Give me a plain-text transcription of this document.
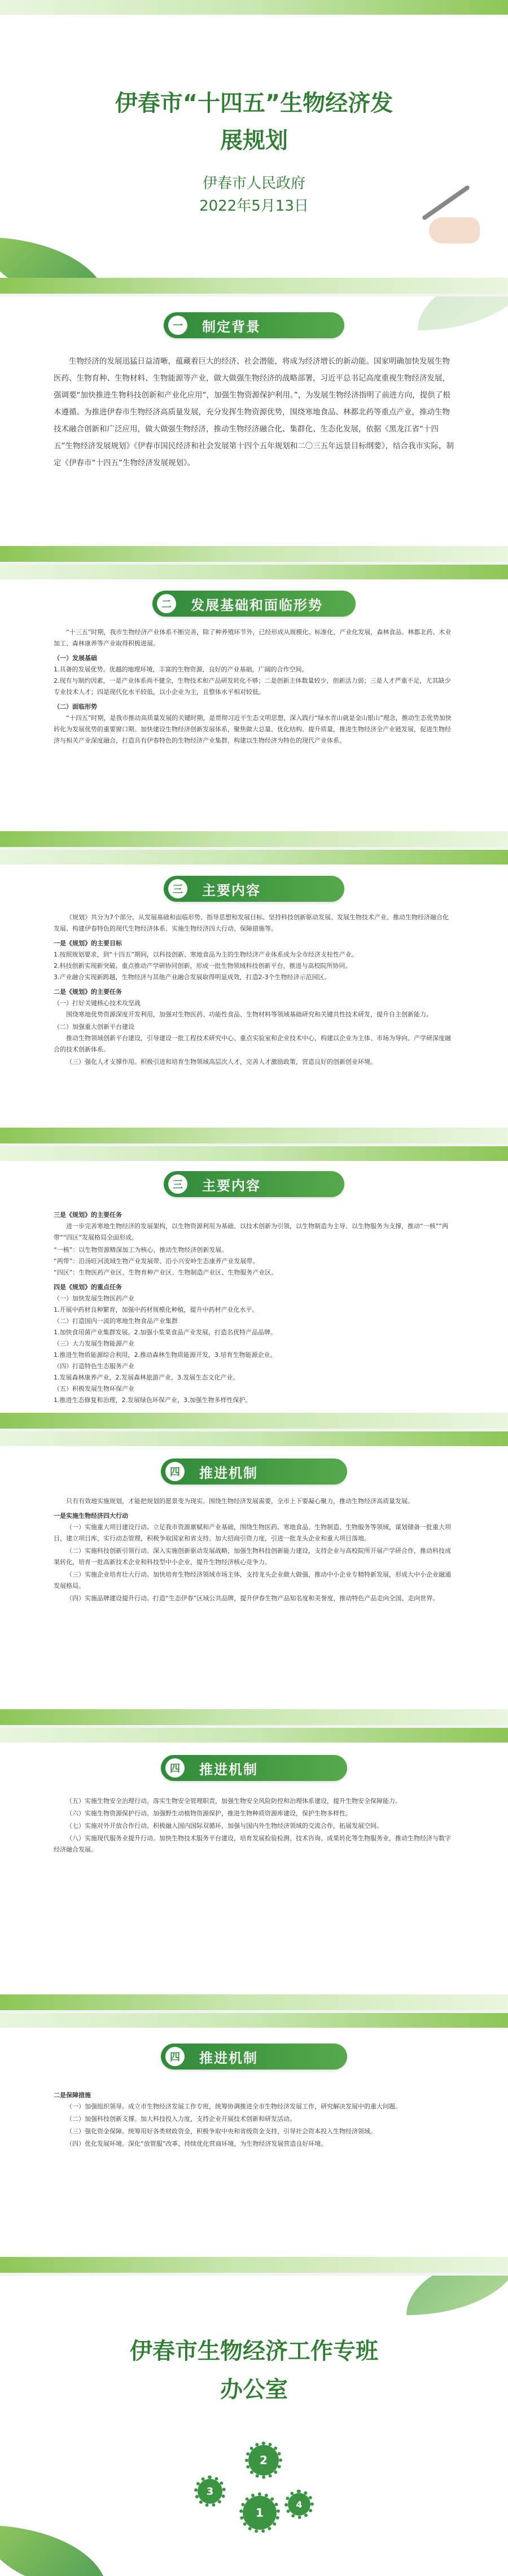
伊春市“十四五”生物经济发
展规划
伊春市人民政府
2022年5月13日
一	制定背景

生物经济的发展迅猛日益清晰，蕴藏着巨大的经济、社会潜能，将成为经济增长的新动能。国家明确加快发展生物医药、生物育种、生物材料、生物能源等产业，做大做强生物经济的战略部署，习近平总书记高度重视生物经济发展，强调要“加快推进生物科技创新和产业化应用”，加强生物资源保护利用。”，为发展生物经济指明了前进方向，提供了根本遵循。为推进伊春市生物经济高质量发展，充分发挥生物资源优势，围绕寒地食品、林都北药等重点产业，推动生物技术融合创新和广泛应用，做大做强生物经济，推动生物经济融合化、集群化、生态化发展，依据《黑龙江省“十四五”生物经济发展规划》《伊春市国民经济和社会发展第十四个五年规划和二〇三五年远景目标纲要》，结合我市实际，制定《伊春市“十四五”生物经济发展规划》。

二	发展基础和面临形势

“十三五”时期，我市生物经济产业体系不断完善，除了种养殖环节外，已经形成从规模化、标准化、产业化发展，森林食品、林都北药、木业加工、森林康养等产业取得积极进展。

（一）发展基础
1.具备的发展优势。优越的地理环境，丰富的生物资源，良好的产业基础，广阔的合作空间。
2.现有与制约因素，一是产业体系尚不健全，生物技术和产品研发转化不够；二是创新主体数量较少，创新活力弱；三是人才严重不足，尤其缺少专业技术人才；四是现代化水平较低，以小企业为主，且整体水平相对较低。
（二）面临形势

“十四五”时期，是我市推动高质量发展的关键时期，是贯彻习近平生态文明思想，深入践行“绿水青山就是金山银山”理念，推动生态优势加快转化为发展优势的重要窗口期。加快建设生物经济创新发展体系，聚焦做大总量、优化结构、提升质量，推进生物经济全产业链发展，促进生物经济与相关产业深度融合，打造具有伊春特色的生物经济产业集群，构建以生物经济为特色的现代产业体系。

三	主要内容

《规划》共分为7个部分，从发展基础和面临形势、指导思想和发展目标、坚持科技创新驱动发展、发展生物技术产业、推动生物经济融合化发展、构建伊春特色的现代生物经济体系、实施生物经济四大行动、保障措施等。

一是《规划》的主要目标
1.按照规划要求，到“十四五”期间，以科技创新、寒地食品为主的生物经济产业体系成为全市经济支柱性产业。
2.科技创新实现新突破。重点推动产学研协同创新，形成一批生物领域科技创新平台，推进与高校院所协同。
3.产业融合实现新跨越，生物经济与其他产业融合发展取得明显成效，打造2-3个生物经济示范园区。
二是《规划》的主要任务
（一）打好关键核心技术攻坚战

围绕寒地优势资源深度开发利用，加强对生物医药、功能性食品、生物材料等领域基础研究和关键共性技术研发，提升自主创新能力。

（二）加强重大创新平台建设

推动生物领域创新平台建设，引导建设一批工程技术研究中心、重点实验室和企业技术中心，构建以企业为主体、市场为导向、产学研深度融合的技术创新体系。

（三）强化人才支撑作用。积极引进和培育生物领域高层次人才，完善人才激励政策，营造良好的创新创业环境。

三	主要内容
三是《规划》的主要任务

进一步完善寒地生物经济的发展架构，以生物资源利用为基础、以技术创新为引领，以生物制造为主导、以生物服务为支撑，推动“一核”“两带”“四区”发展格局全面形成。

“一核”：以生物资源精深加工为核心，推动生物经济创新发展。
“两带”：沿汤旺河流域生物产业发展带、沿小兴安岭生态康养产业发展带。
“四区”：生物医药产业区、生物育种产业区、生物制造产业区、生物服务产业区。
四是《规划》的重点任务
（一）加快发展生物医药产业
1.开展中药材良种繁育，加强中药材规模化种植，提升中药材产业化水平。
（二）打造国内一流的寒地生物食品产业集群
1.加快食用菌产业集群发展。2.加强小浆果食品产业发展，打造名优特产品品牌。
（三）大力发展生物能源产业
1.推进生物质能源综合利用，2.推动森林生物质能源开发，3.培育生物能源企业。
（四）打造特色生态服务产业
1.发展森林康养产业，2.发展森林旅游产业，3.发展生态文化产业。
（五）积极发展生物环保产业
1.推进生态修复和治理，2.发展绿色环保产业，3.加强生物多样性保护。
四	推进机制

只有有效地实施规划，才能把规划的愿景变为现实。围绕生物经济发展需要，全市上下要凝心聚力，推动生物经济高质量发展。

一是实施生物经济四大行动

（一）实施重大项目建设行动。立足我市资源禀赋和产业基础，围绕生物医药、寒地食品、生物制造、生物服务等领域，谋划储备一批重大项目，建立项目库，实行动态管理，积极争取国家和省支持。加大招商引资力度，引进一批龙头企业和重大项目落地。

（二）实施科技创新引领行动。深入实施创新驱动发展战略，加强生物科技创新能力建设，支持企业与高校院所开展产学研合作，推动科技成果转化，培育一批高新技术企业和科技型中小企业，提升生物经济核心竞争力。

（三）实施企业培育壮大行动。加快培育生物经济领域市场主体，支持龙头企业做大做强，推动中小企业专精特新发展，形成大中小企业融通发展格局。

（四）实施品牌建设提升行动。打造“生态伊春”区域公共品牌，提升伊春生物产品知名度和美誉度，推动特色产品走向全国、走向世界。

四	推进机制

（五）实施生物安全治理行动。落实生物安全管理职责，加强生物安全风险防控和治理体系建设，提升生物安全保障能力。

（六）实施生物资源保护行动。加强野生动植物资源保护，推进生物种质资源库建设，保护生物多样性。

（七）实施对外开放合作行动。积极融入国内国际双循环，加强与国内外生物经济领域的交流合作，拓展发展空间。

（八）实施现代服务业提升行动。加快生物技术服务平台建设，培育发展检验检测、技术咨询、成果转化等生物服务业，推动生物经济与数字经济融合发展。

四	推进机制
二是保障措施

（一）加强组织领导。成立市生物经济发展工作专班，统筹协调推进全市生物经济发展工作，研究解决发展中的重大问题。

（二）加强科技创新支撑。加大科技投入力度，支持企业开展技术创新和研发活动。

（三）强化资金保障。统筹用好各类财政资金，积极争取中央和省级资金支持，引导社会资本投入生物经济领域。

（四）优化发展环境。深化“放管服”改革，持续优化营商环境，为生物经济发展营造良好环境。

伊春市生物经济工作专班
办公室
2
3
1
4
